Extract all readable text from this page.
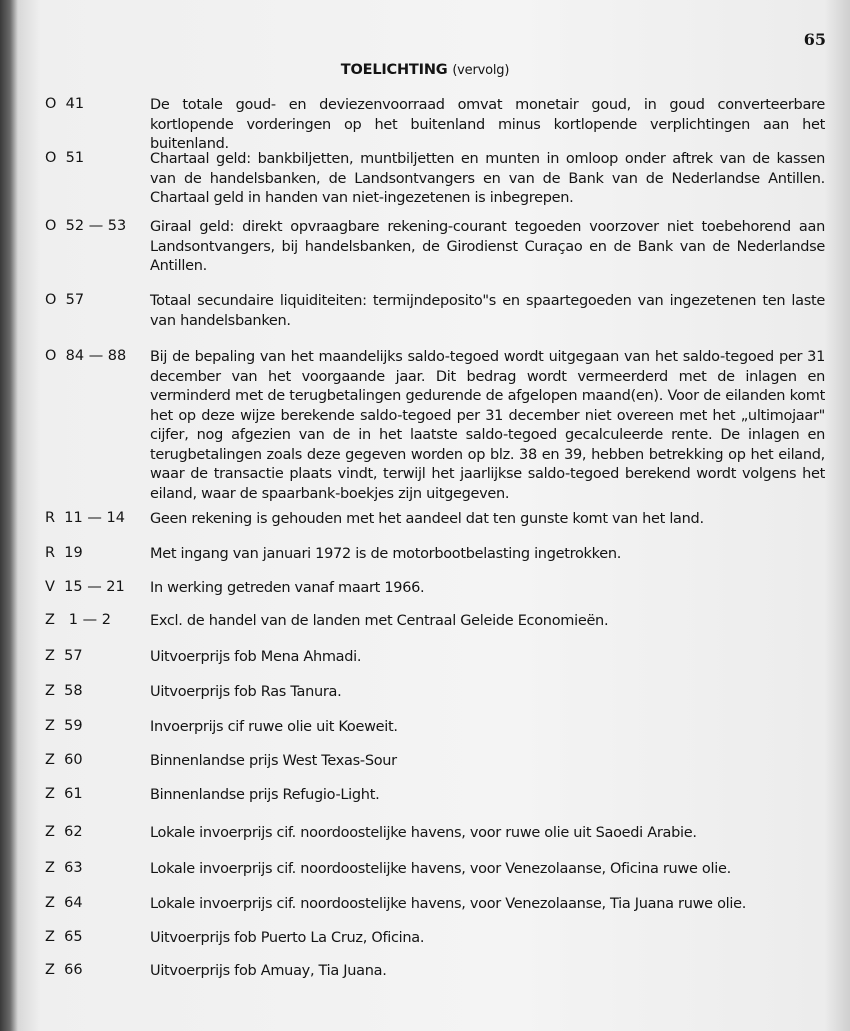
65
TOELICHTING (vervolg)
O  41	De totale goud- en deviezenvoorraad omvat monetair goud, in goud converteerbare kortlopende vorderingen op het buitenland minus kortlopende verplichtingen aan het buitenland.
O  51	Chartaal geld: bankbiljetten, muntbiljetten en munten in omloop onder aftrek van de kassen van de handelsbanken, de Landsontvangers en van de Bank van de Nederlandse Antillen. Chartaal geld in handen van niet-ingezetenen is inbegrepen.
O  52 — 53 Giraal geld: direkt opvraagbare rekening-courant tegoeden voorzover niet toebehorend aan Landsontvangers, bij handelsbanken, de Girodienst Curaçao en de Bank van de Nederlandse Antillen.
O  57	Totaal secundaire liquiditeiten: termijndeposito"s en spaartegoeden van ingezetenen ten laste van handelsbanken.
O  84 — 88 Bij de bepaling van het maandelijks saldo-tegoed wordt uitgegaan van het saldo-tegoed per 31 december van het voorgaande jaar. Dit bedrag wordt vermeerderd met de inlagen en verminderd met de terugbetalingen gedurende de afgelopen maand(en). Voor de eilanden komt het op deze wijze berekende saldo-tegoed per 31 december niet overeen met het „ultimojaar" cijfer, nog afgezien van de in het laatste saldo-tegoed gecalculeerde rente. De inlagen en terugbetalingen zoals deze gegeven worden op blz. 38 en 39, hebben betrekking op het eiland, waar de transactie plaats vindt, terwijl het jaarlijkse saldo-tegoed berekend wordt volgens het eiland, waar de spaarbank-boekjes zijn uitgegeven.
R  11 — 14 Geen rekening is gehouden met het aandeel dat ten gunste komt van het land.
R  19	Met ingang van januari 1972 is de motorbootbelasting ingetrokken.
V  15 — 21 In werking getreden vanaf maart 1966.
Z   1 — 2	Excl. de handel van de landen met Centraal Geleide Economieën.
Z  57	Uitvoerprijs fob Mena Ahmadi.
Z  58	Uitvoerprijs fob Ras Tanura.
Z  59	Invoerprijs cif ruwe olie uit Koeweit.
Z  60	Binnenlandse prijs West Texas-Sour
Z  61	Binnenlandse prijs Refugio-Light.
Z  62	Lokale invoerprijs cif. noordoostelijke havens, voor ruwe olie uit Saoedi Arabie.
Z  63	Lokale invoerprijs cif. noordoostelijke havens, voor Venezolaanse, Oficina ruwe olie.
Z  64	Lokale invoerprijs cif. noordoostelijke havens, voor Venezolaanse, Tia Juana ruwe olie.
Z  65	Uitvoerprijs fob Puerto La Cruz, Oficina.
Z  66	Uitvoerprijs fob Amuay, Tia Juana.
